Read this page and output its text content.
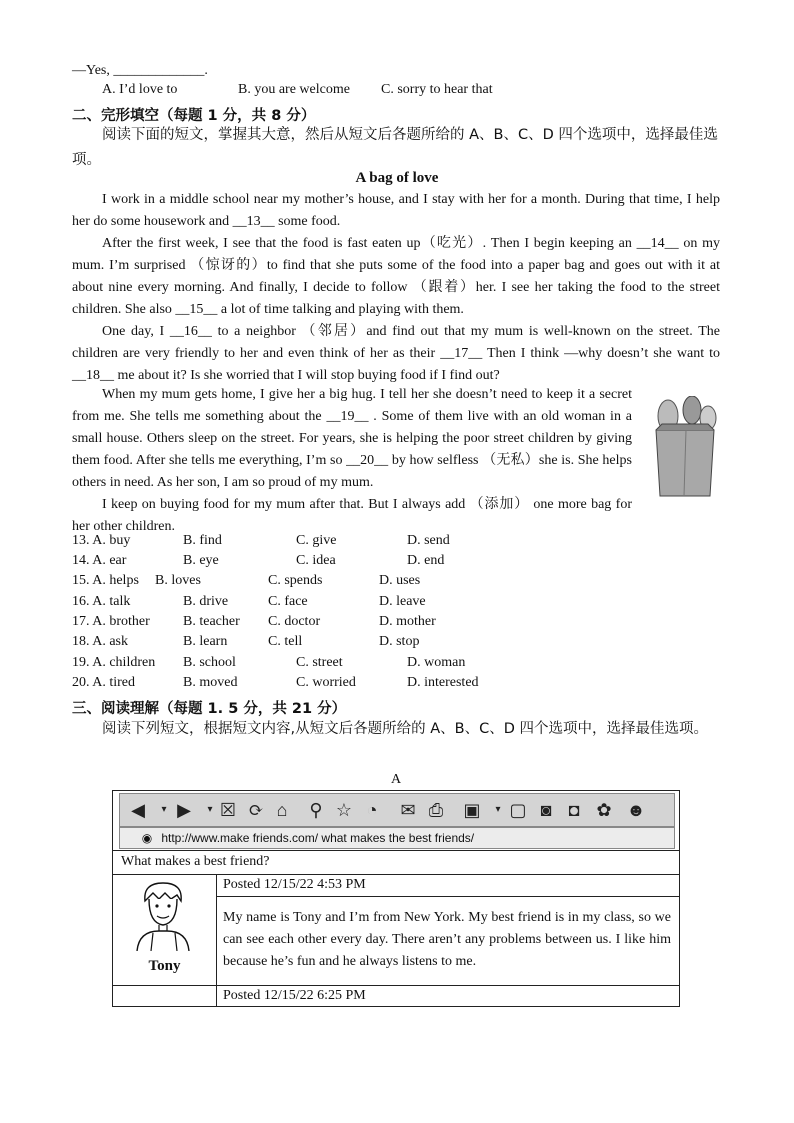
—Yes, _____________.
A. I’d love to	B. you are welcome C. sorry to hear that
二、完形填空（每题 1 分，共 8 分）
阅读下面的短文，掌握其大意，然后从短文后各题所给的 A、B、C、D 四个选项中，选择最佳选项。
A bag of love

I work in a middle school near my mother’s house, and I stay with her for a month. During that time, I help her do some housework and __13__ some food.

After the first week, I see that the food is fast eaten up（吃光）. Then I begin keeping an __14__ on my mum. I’m surprised （惊讶的）to find that she puts some of the food into a paper bag and goes out with it at about nine every morning. And finally, I decide to follow （跟着）her. I see her taking the food to the street children. She also __15__ a lot of time talking and playing with them.

One day, I __16__ to a neighbor （邻居）and find out that my mum is well-known on the street. The children are very friendly to her and even think of her as their __17__ Then I think —why doesn’t she want to __18__ me about it? Is she worried that I will stop buying food if I find out?

When my mum gets home, I give her a big hug. I tell her she doesn’t need to keep it a secret from me. She tells me something about the __19__ . Some of them live with an old woman in a small house. Others sleep on the street. For years, she is helping the poor street children by giving them food. After she tells me everything, I’m so __20__ by how selfless （无私）she is. She helps others in need. As her son, I am so proud of my mum.

I keep on buying food for my mum after that. But I always add （添加） one more bag for her other children.

13. A. buy	B. find	C. give	D. send
14. A. ear	B. eye	C. idea	D. end
15. A. helps B. loves	C. spends	D. uses
16. A. talk	B. drive	C. face	D. leave
17. A. brother B. teacher C. doctor	D. mother
18. A. ask	B. learn	C. tell	D. stop
19. A. children B. school	C. street	D. woman
20. A. tired	B. moved	C. worried	D. interested
三、阅读理解（每题 1. 5 分，共 21 分）
阅读下列短文，根据短文内容,从短文后各题所给的 A、B、C、D 四个选项中，选择最佳选项。
A
◀	▾ ▶	▾ ☒ ⟳ ⌂	⚲ ☆ ◔	✉ ⎙ ▣	▾ ▢ ◙ ◘ ✿ ☻
◉ http://www.make friends.com/ what makes the best friends/
What makes a best friend?
Tony
Posted 12/15/22 4:53 PM
My name is Tony and I’m from New York. My best friend is in my class, so we can see each other every day. There aren’t any problems between us. I like him because he’s fun and he always listens to me.
Posted 12/15/22 6:25 PM
